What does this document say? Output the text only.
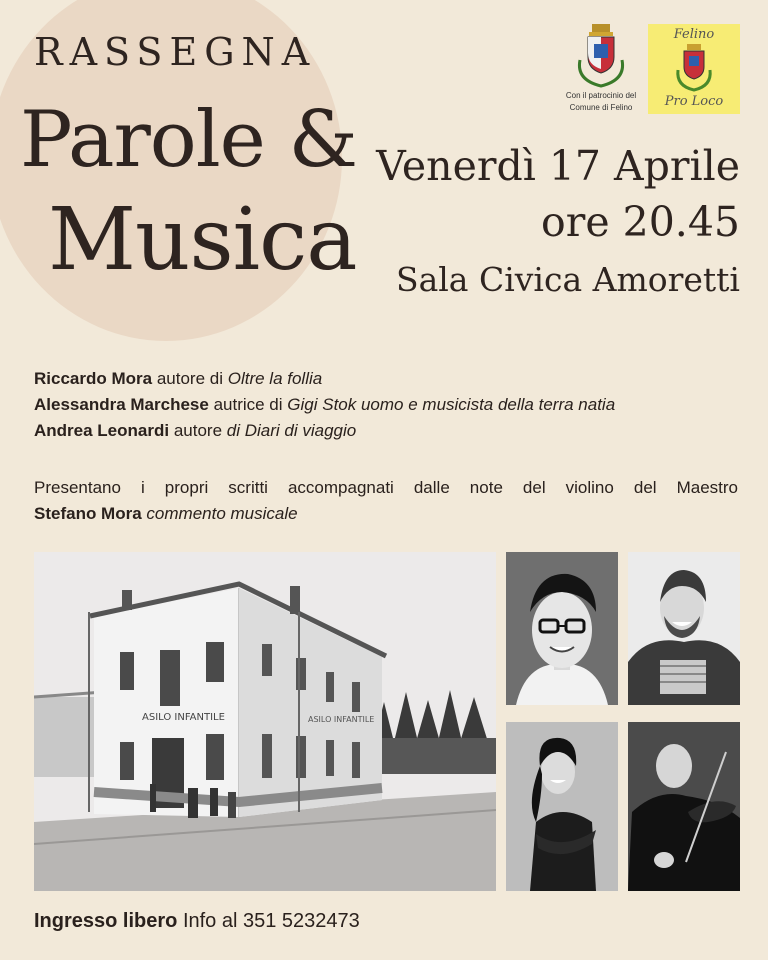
RASSEGNA
Parole &
Musica
Con il patrocinio del
Comune di Felino
Felino
Pro Loco
Venerdì 17 Aprile
ore 20.45
Sala Civica Amoretti
Riccardo Mora autore di Oltre la follia
Alessandra Marchese autrice di Gigi Stok uomo e musicista della terra natia
Andrea Leonardi autore di Diari di viaggio
Presentano i propri scritti accompagnati dalle note del violino del Maestro
Stefano Mora commento musicale
ASILO INFANTILE	ASILO INFANTILE
Ingresso libero Info al 351 5232473
